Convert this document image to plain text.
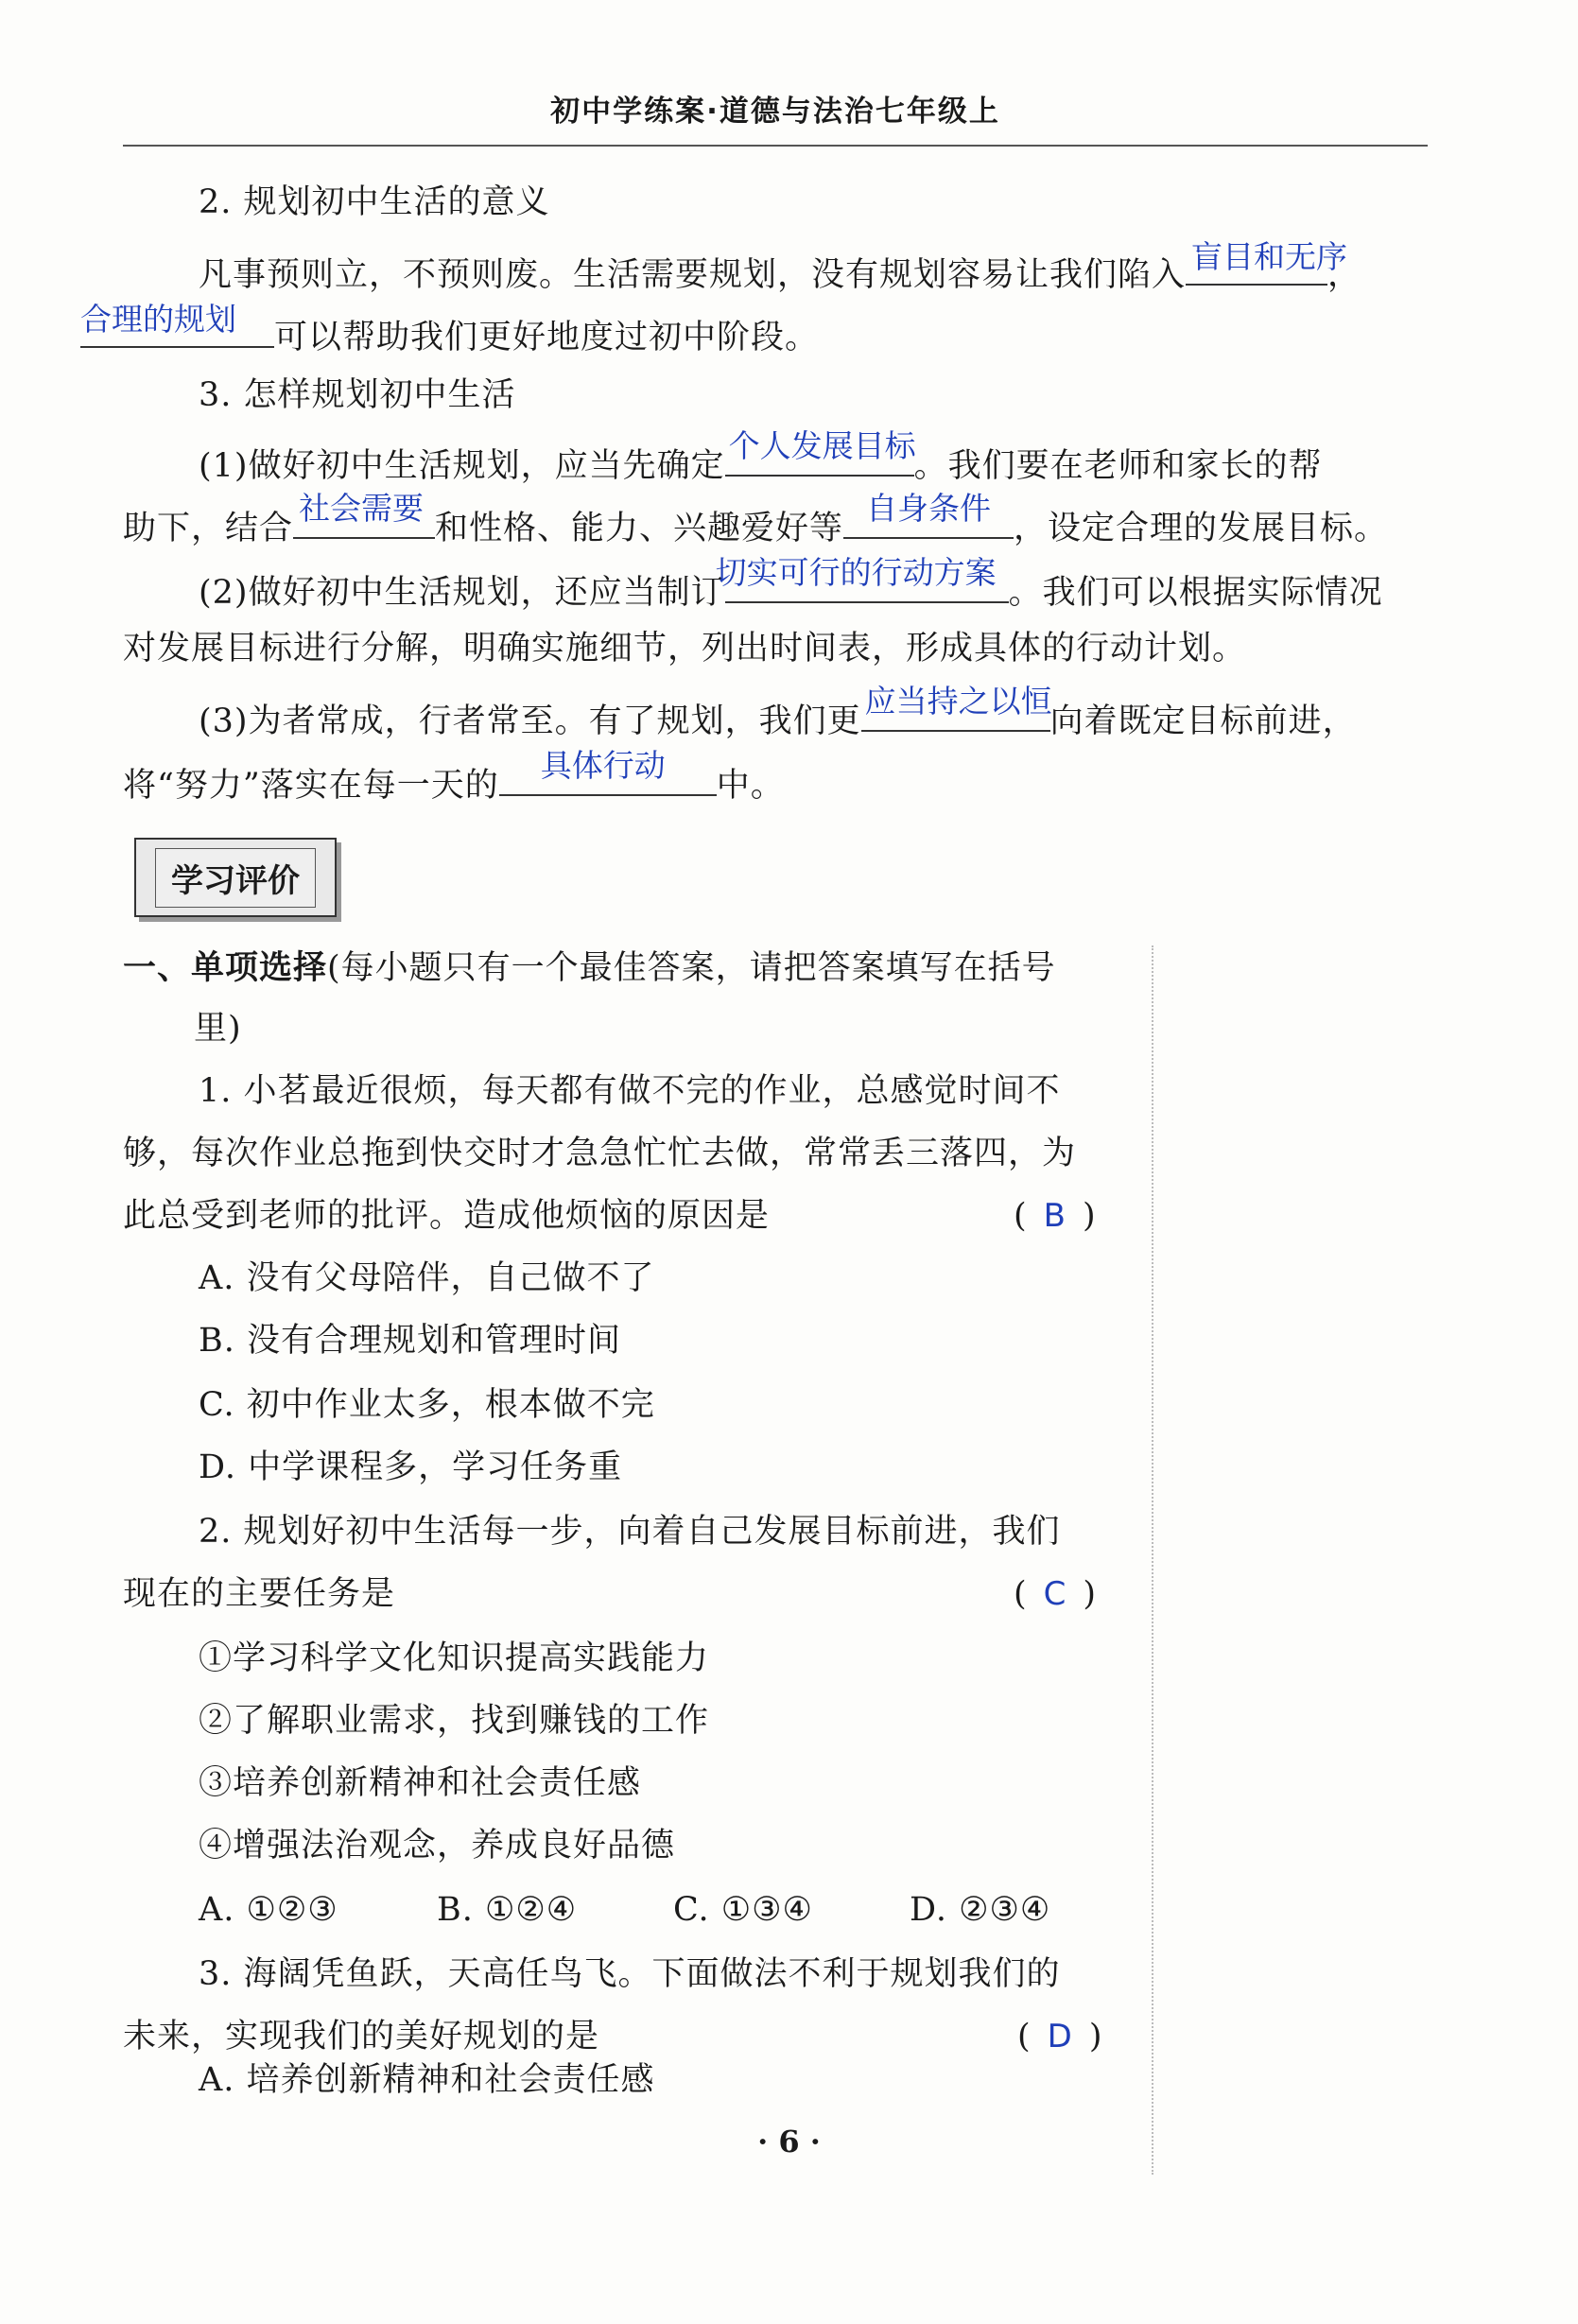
初中学练案·道德与法治七年级上
2. 规划初中生活的意义
凡事预则立，不预则废。生活需要规划，没有规划容易让我们陷入 盲目和无序
，
合理的规划	可以帮助我们更好地度过初中阶段。
3. 怎样规划初中生活
(1)做好初中生活规划，应当先确定
个人发展目标
。我们要在老师和家长的帮
助下，结合
社会需要
和性格、能力、兴趣爱好等
自身条件
，设定合理的发展目标。
(2)做好初中生活规划，还应当制订
切实可行的行动方案
。我们可以根据实际情况
对发展目标进行分解，明确实施细节，列出时间表，形成具体的行动计划。
(3)为者常成，行者常至。有了规划，我们更
应当持之以恒
向着既定目标前进，
将“努力”落实在每一天的
具体行动
中。
学习评价
一、单项选择(每小题只有一个最佳答案，请把答案填写在括号
里)
1. 小茗最近很烦，每天都有做不完的作业，总感觉时间不
够，每次作业总拖到快交时才急急忙忙去做，常常丢三落四，为
此总受到老师的批评。造成他烦恼的原因是	( B )
A. 没有父母陪伴，自己做不了
B. 没有合理规划和管理时间
C. 初中作业太多，根本做不完
D. 中学课程多，学习任务重
2. 规划好初中生活每一步，向着自己发展目标前进，我们
现在的主要任务是	( C )
①学习科学文化知识提高实践能力
②了解职业需求，找到赚钱的工作
③培养创新精神和社会责任感
④增强法治观念，养成良好品德
A. ①②③	B. ①②④	C. ①③④	D. ②③④
3. 海阔凭鱼跃，天高任鸟飞。下面做法不利于规划我们的
未来，实现我们的美好规划的是	( D )
A. 培养创新精神和社会责任感
· 6 ·
